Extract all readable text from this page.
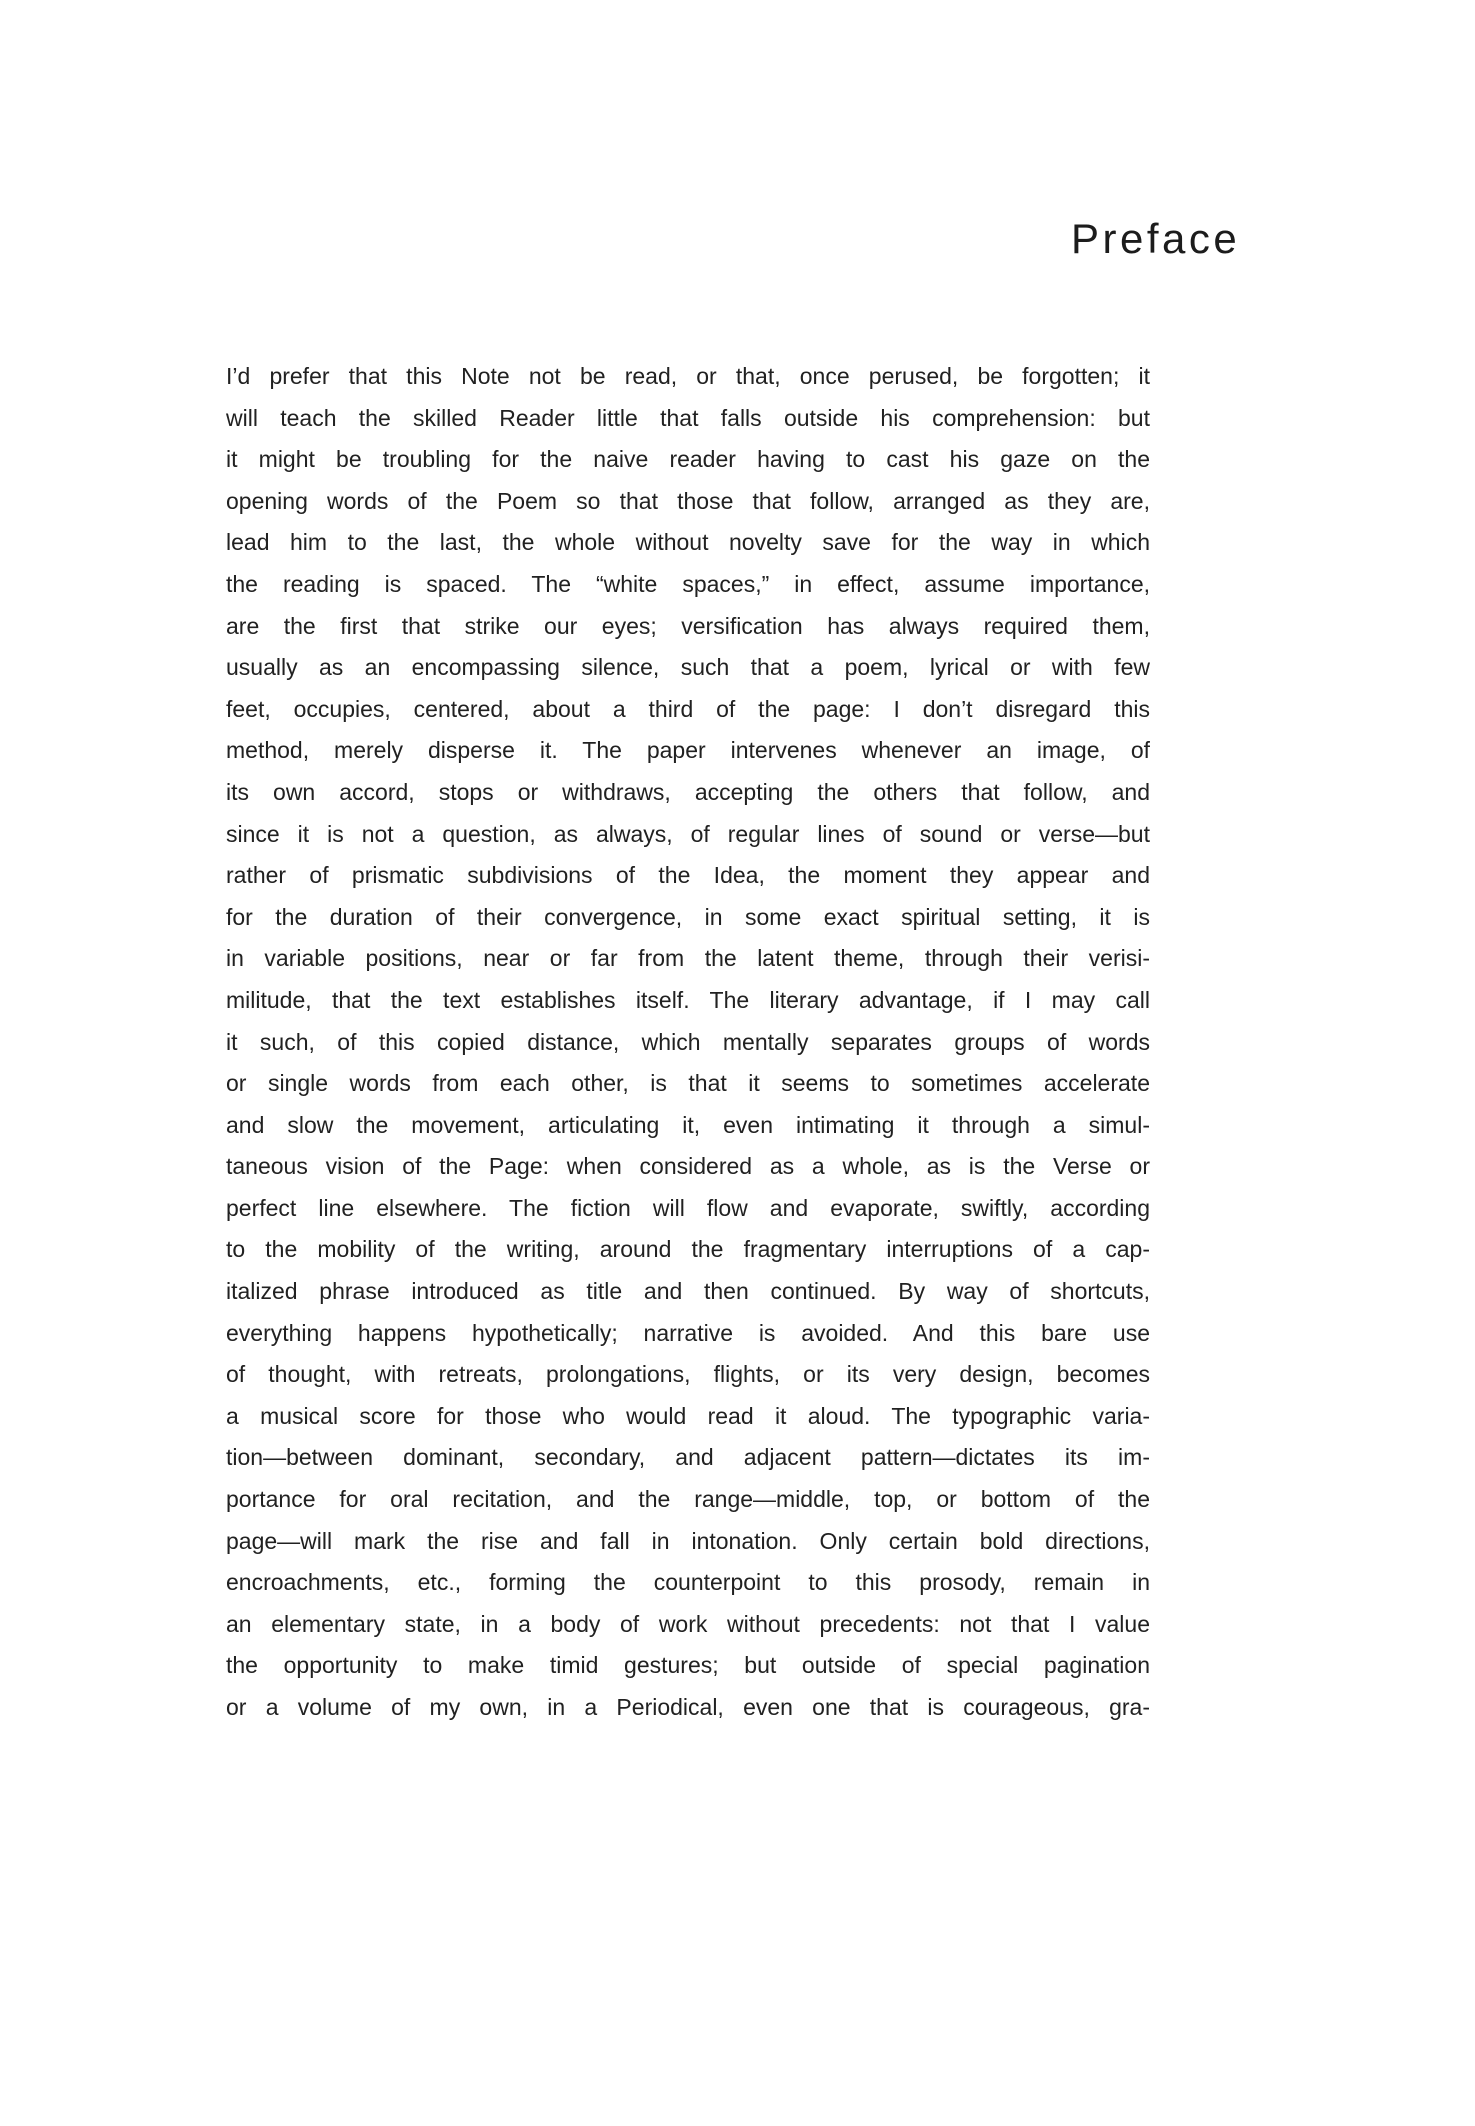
Preface
I’d prefer that this Note not be read, or that, once perused, be forgotten; it
will teach the skilled Reader little that falls outside his comprehension: but
it might be troubling for the naive reader having to cast his gaze on the
opening words of the Poem so that those that follow, arranged as they are,
lead him to the last, the whole without novelty save for the way in which
the reading is spaced. The “white spaces,” in effect, assume importance,
are the first that strike our eyes; versification has always required them,
usually as an encompassing silence, such that a poem, lyrical or with few
feet, occupies, centered, about a third of the page: I don’t disregard this
method, merely disperse it. The paper intervenes whenever an image, of
its own accord, stops or withdraws, accepting the others that follow, and
since it is not a question, as always, of regular lines of sound or verse—but
rather of prismatic subdivisions of the Idea, the moment they appear and
for the duration of their convergence, in some exact spiritual setting, it is
in variable positions, near or far from the latent theme, through their verisi-
militude, that the text establishes itself. The literary advantage, if I may call
it such, of this copied distance, which mentally separates groups of words
or single words from each other, is that it seems to sometimes accelerate
and slow the movement, articulating it, even intimating it through a simul-
taneous vision of the Page: when considered as a whole, as is the Verse or
perfect line elsewhere. The fiction will flow and evaporate, swiftly, according
to the mobility of the writing, around the fragmentary interruptions of a cap-
italized phrase introduced as title and then continued. By way of shortcuts,
everything happens hypothetically; narrative is avoided. And this bare use
of thought, with retreats, prolongations, flights, or its very design, becomes
a musical score for those who would read it aloud. The typographic varia-
tion—between dominant, secondary, and adjacent pattern—dictates its im-
portance for oral recitation, and the range—middle, top, or bottom of the
page—will mark the rise and fall in intonation. Only certain bold directions,
encroachments, etc., forming the counterpoint to this prosody, remain in
an elementary state, in a body of work without precedents: not that I value
the opportunity to make timid gestures; but outside of special pagination
or a volume of my own, in a Periodical, even one that is courageous, gra-
